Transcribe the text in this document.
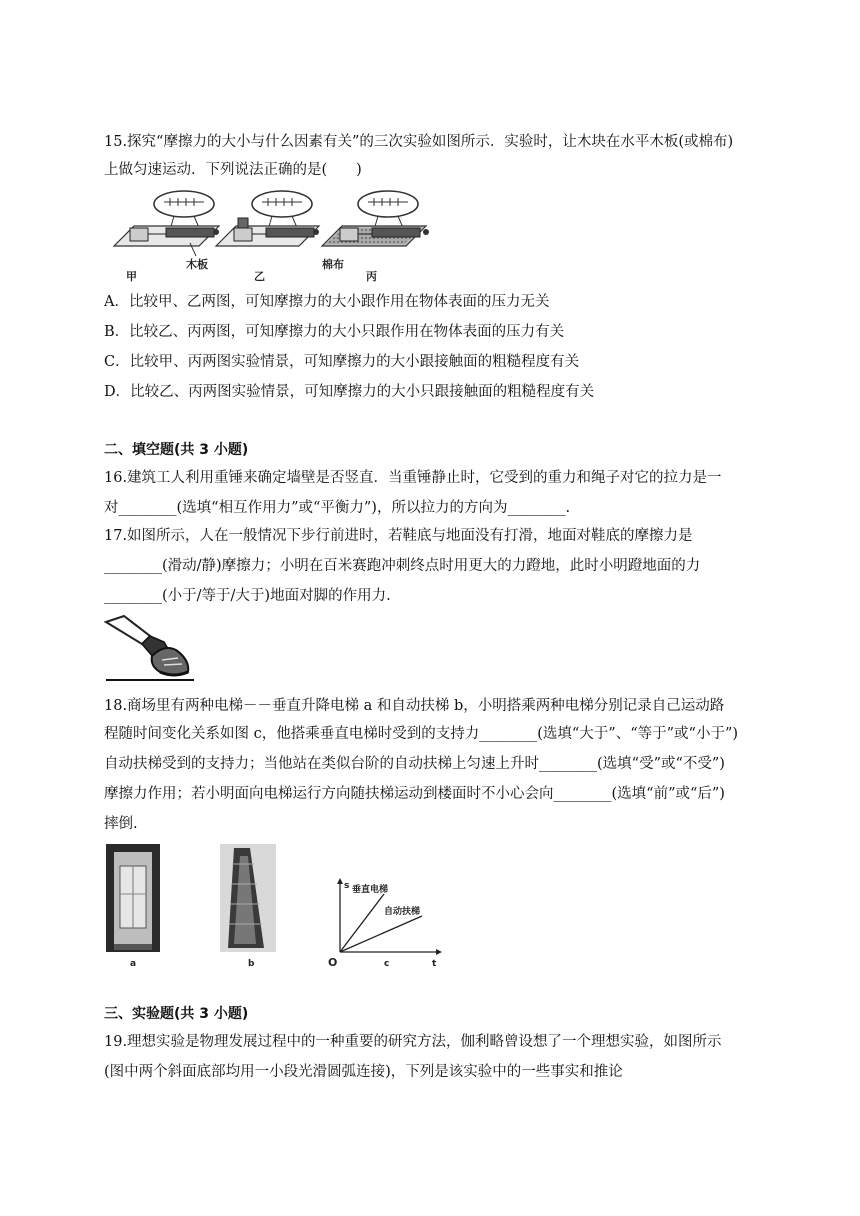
15.探究“摩擦力的大小与什么因素有关”的三次实验如图所示．实验时，让木块在水平木板(或棉布)
上做匀速运动．下列说法正确的是(　　)
甲
木板
乙
棉布
丙
A．比较甲、乙两图，可知摩擦力的大小跟作用在物体表面的压力无关
B．比较乙、丙两图，可知摩擦力的大小只跟作用在物体表面的压力有关
C．比较甲、丙两图实验情景，可知摩擦力的大小跟接触面的粗糙程度有关
D．比较乙、丙两图实验情景，可知摩擦力的大小只跟接触面的粗糙程度有关
二、填空题(共 3 小题)
16.建筑工人利用重锤来确定墙壁是否竖直．当重锤静止时，它受到的重力和绳子对它的拉力是一
对________(选填“相互作用力”或“平衡力”)，所以拉力的方向为________.
17.如图所示，人在一般情况下步行前进时，若鞋底与地面没有打滑，地面对鞋底的摩擦力是
________(滑动/静)摩擦力；小明在百米赛跑冲刺终点时用更大的力蹬地，此时小明蹬地面的力
________(小于/等于/大于)地面对脚的作用力.
18.商场里有两种电梯－－垂直升降电梯 a 和自动扶梯 b，小明搭乘两种电梯分别记录自己运动路
程随时间变化关系如图 c，他搭乘垂直电梯时受到的支持力________(选填“大于”、“等于”或“小于”)
自动扶梯受到的支持力；当他站在类似台阶的自动扶梯上匀速上升时________(选填“受”或“不受”)
摩擦力作用；若小明面向电梯运行方向随扶梯运动到楼面时不小心会向________(选填“前”或“后”)
摔倒.
a	b
s
t
O
垂直电梯
自动扶梯
c
三、实验题(共 3 小题)
19.理想实验是物理发展过程中的一种重要的研究方法，伽利略曾设想了一个理想实验，如图所示
(图中两个斜面底部均用一小段光滑圆弧连接)，下列是该实验中的一些事实和推论
